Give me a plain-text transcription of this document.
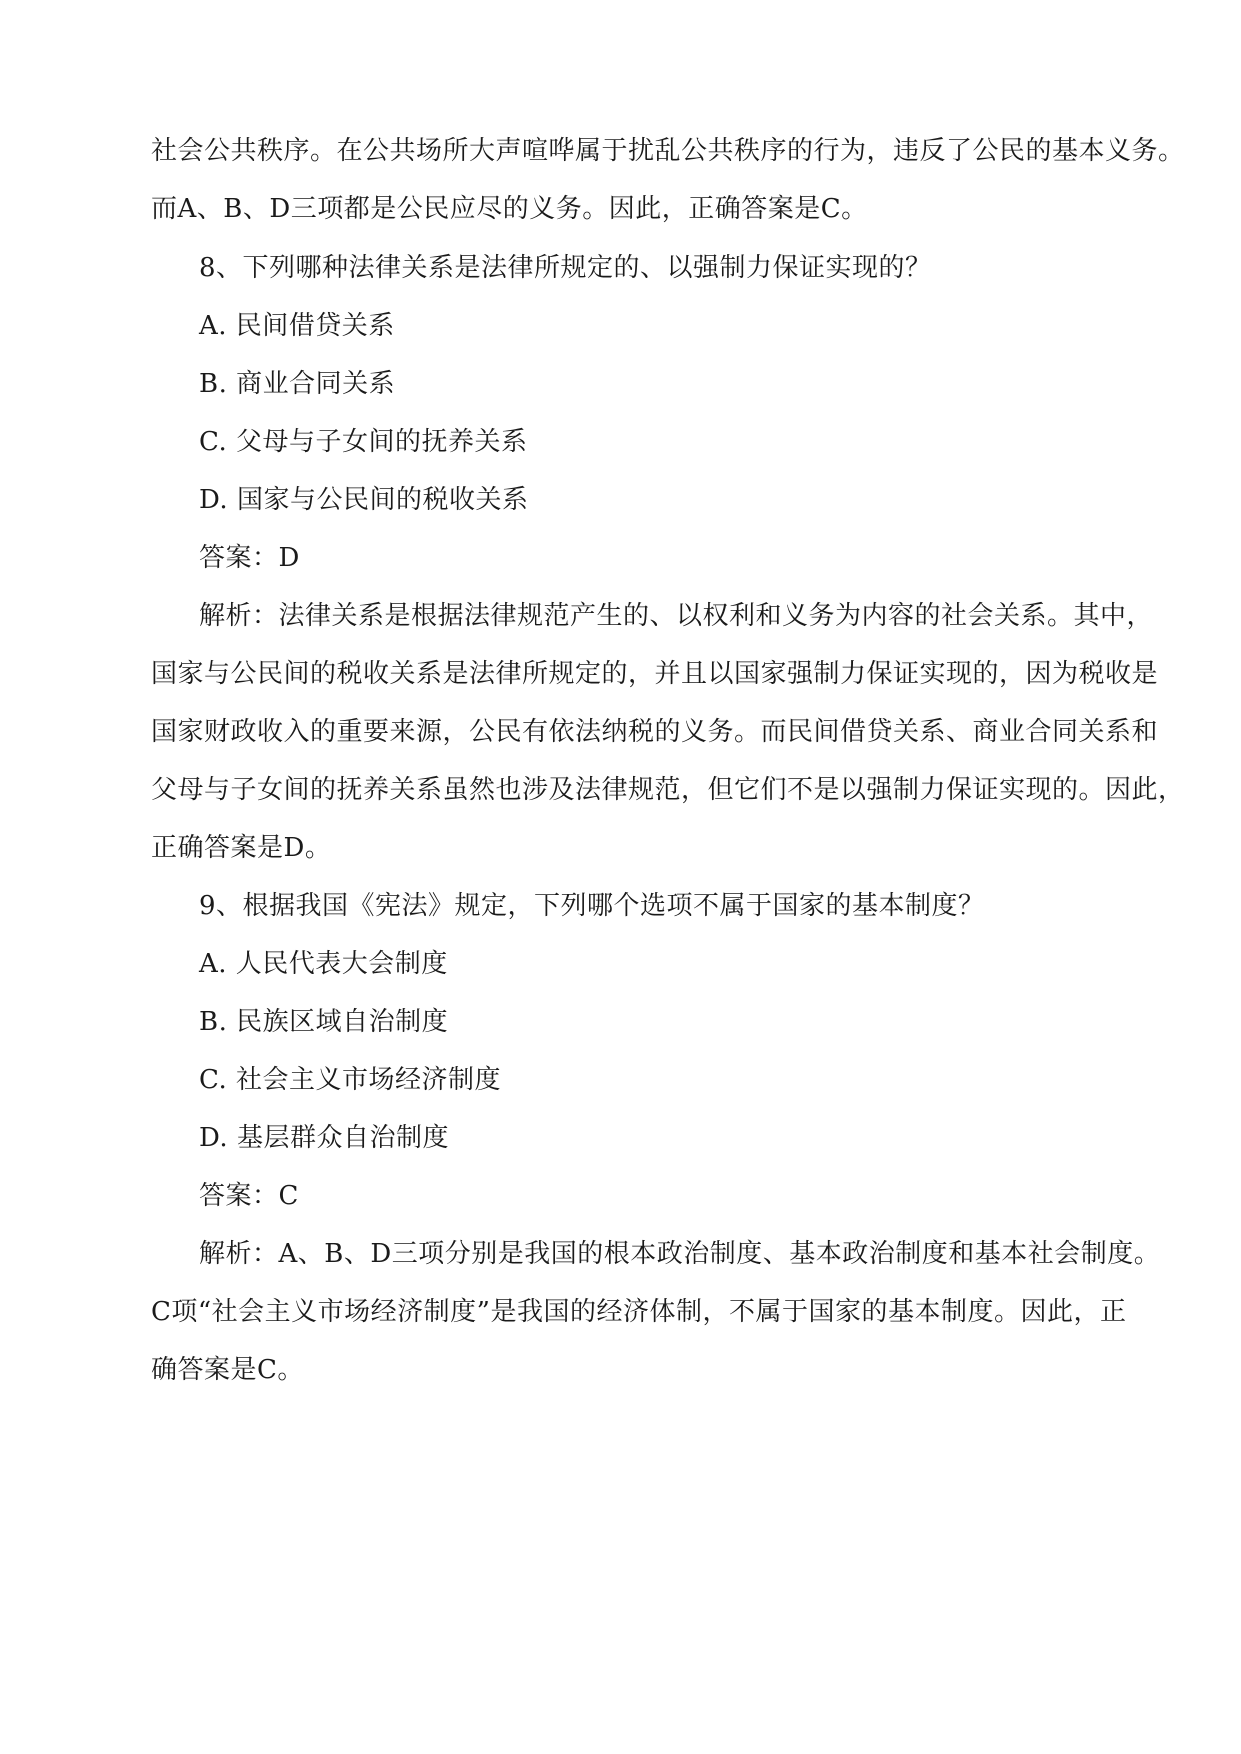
社会公共秩序。在公共场所大声喧哗属于扰乱公共秩序的行为，违反了公民的基本义务。
而A、B、D三项都是公民应尽的义务。因此，正确答案是C。
8、下列哪种法律关系是法律所规定的、以强制力保证实现的？
A. 民间借贷关系
B. 商业合同关系
C. 父母与子女间的抚养关系
D. 国家与公民间的税收关系
答案：D
解析：法律关系是根据法律规范产生的、以权利和义务为内容的社会关系。其中，
国家与公民间的税收关系是法律所规定的，并且以国家强制力保证实现的，因为税收是
国家财政收入的重要来源，公民有依法纳税的义务。而民间借贷关系、商业合同关系和
父母与子女间的抚养关系虽然也涉及法律规范，但它们不是以强制力保证实现的。因此，
正确答案是D。
9、根据我国《宪法》规定，下列哪个选项不属于国家的基本制度？
A. 人民代表大会制度
B. 民族区域自治制度
C. 社会主义市场经济制度
D. 基层群众自治制度
答案：C
解析：A、B、D三项分别是我国的根本政治制度、基本政治制度和基本社会制度。
C项“社会主义市场经济制度”是我国的经济体制，不属于国家的基本制度。因此，正
确答案是C。
